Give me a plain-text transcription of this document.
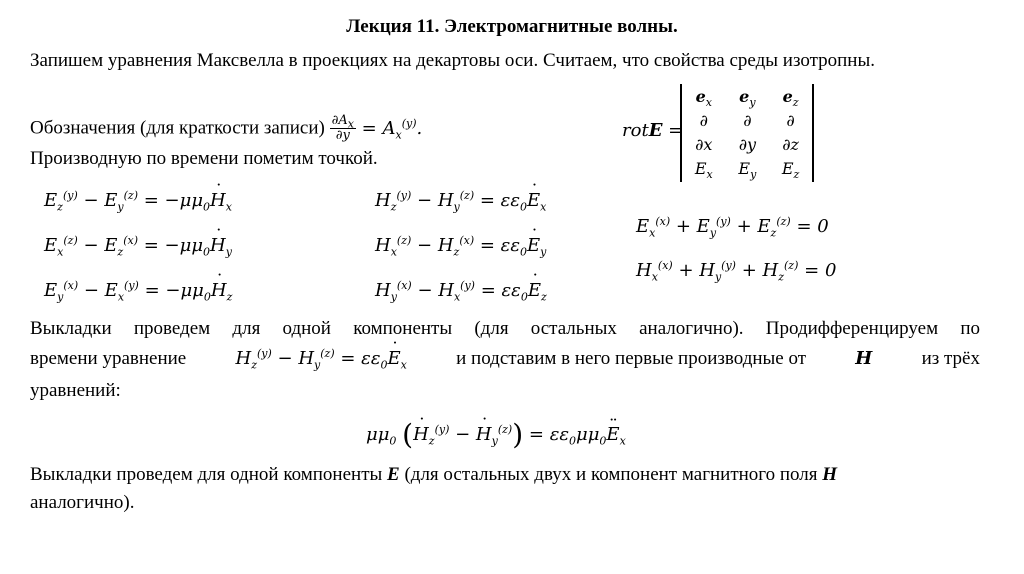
Лекция 11. Электромагнитные волны.
Запишем уравнения Максвелла в проекциях на декартовы оси. Считаем, что свойства среды изотропны.
Обозначения (для краткости записи) $\frac{\partial A_x}{\partial y} = A_x^{(y)}$.
Производную по времени пометим точкой.
rotE =
$e_x$	$e_y$	$e_z$
∂	∂	∂
∂x	∂y	∂z
$E_x$	$E_y$	$E_z$
$E_z^{(y)} - E_y^{(z)} = -\mu\mu_0H$ $˙_x$
$E_x^{(z)} - E_z^{(x)} = -\mu\mu_0H$ $˙_y$
$E_y^{(x)} - E_x^{(y)} = -\mu\mu_0H$ $˙_z$
$H_z^{(y)} - H_y^{(z)} = \varepsilon\varepsilon_0E$ $˙_x$
$H_x^{(z)} - H_z^{(x)} = \varepsilon\varepsilon_0E$ $˙_y$
$H_y^{(x)} - H_x^{(y)} = \varepsilon\varepsilon_0E$ $˙_z$
$E_x^{(x)} + E_y^{(y)} + E_z^{(z)} = 0$
$H_x^{(x)} + H_y^{(y)} + H_z^{(z)} = 0$
Выкладки проведем для одной компоненты (для остальных аналогично). Продифференцируем по
времени уравнение	$H_z^{(y)} - H_y^{(z)} = \varepsilon\varepsilon_0E$ $˙_x$	и подставим в него первые производные от	H	из трёх
уравнений:
$\mu\mu_0$ (H $˙_z^{(y)} - H$ $˙_y^{(z)}) = \varepsilon\varepsilon_0\mu\mu_0E$ $¨_x$
Выкладки проведем для одной компоненты E (для остальных двух и компонент магнитного поля H
аналогично).
